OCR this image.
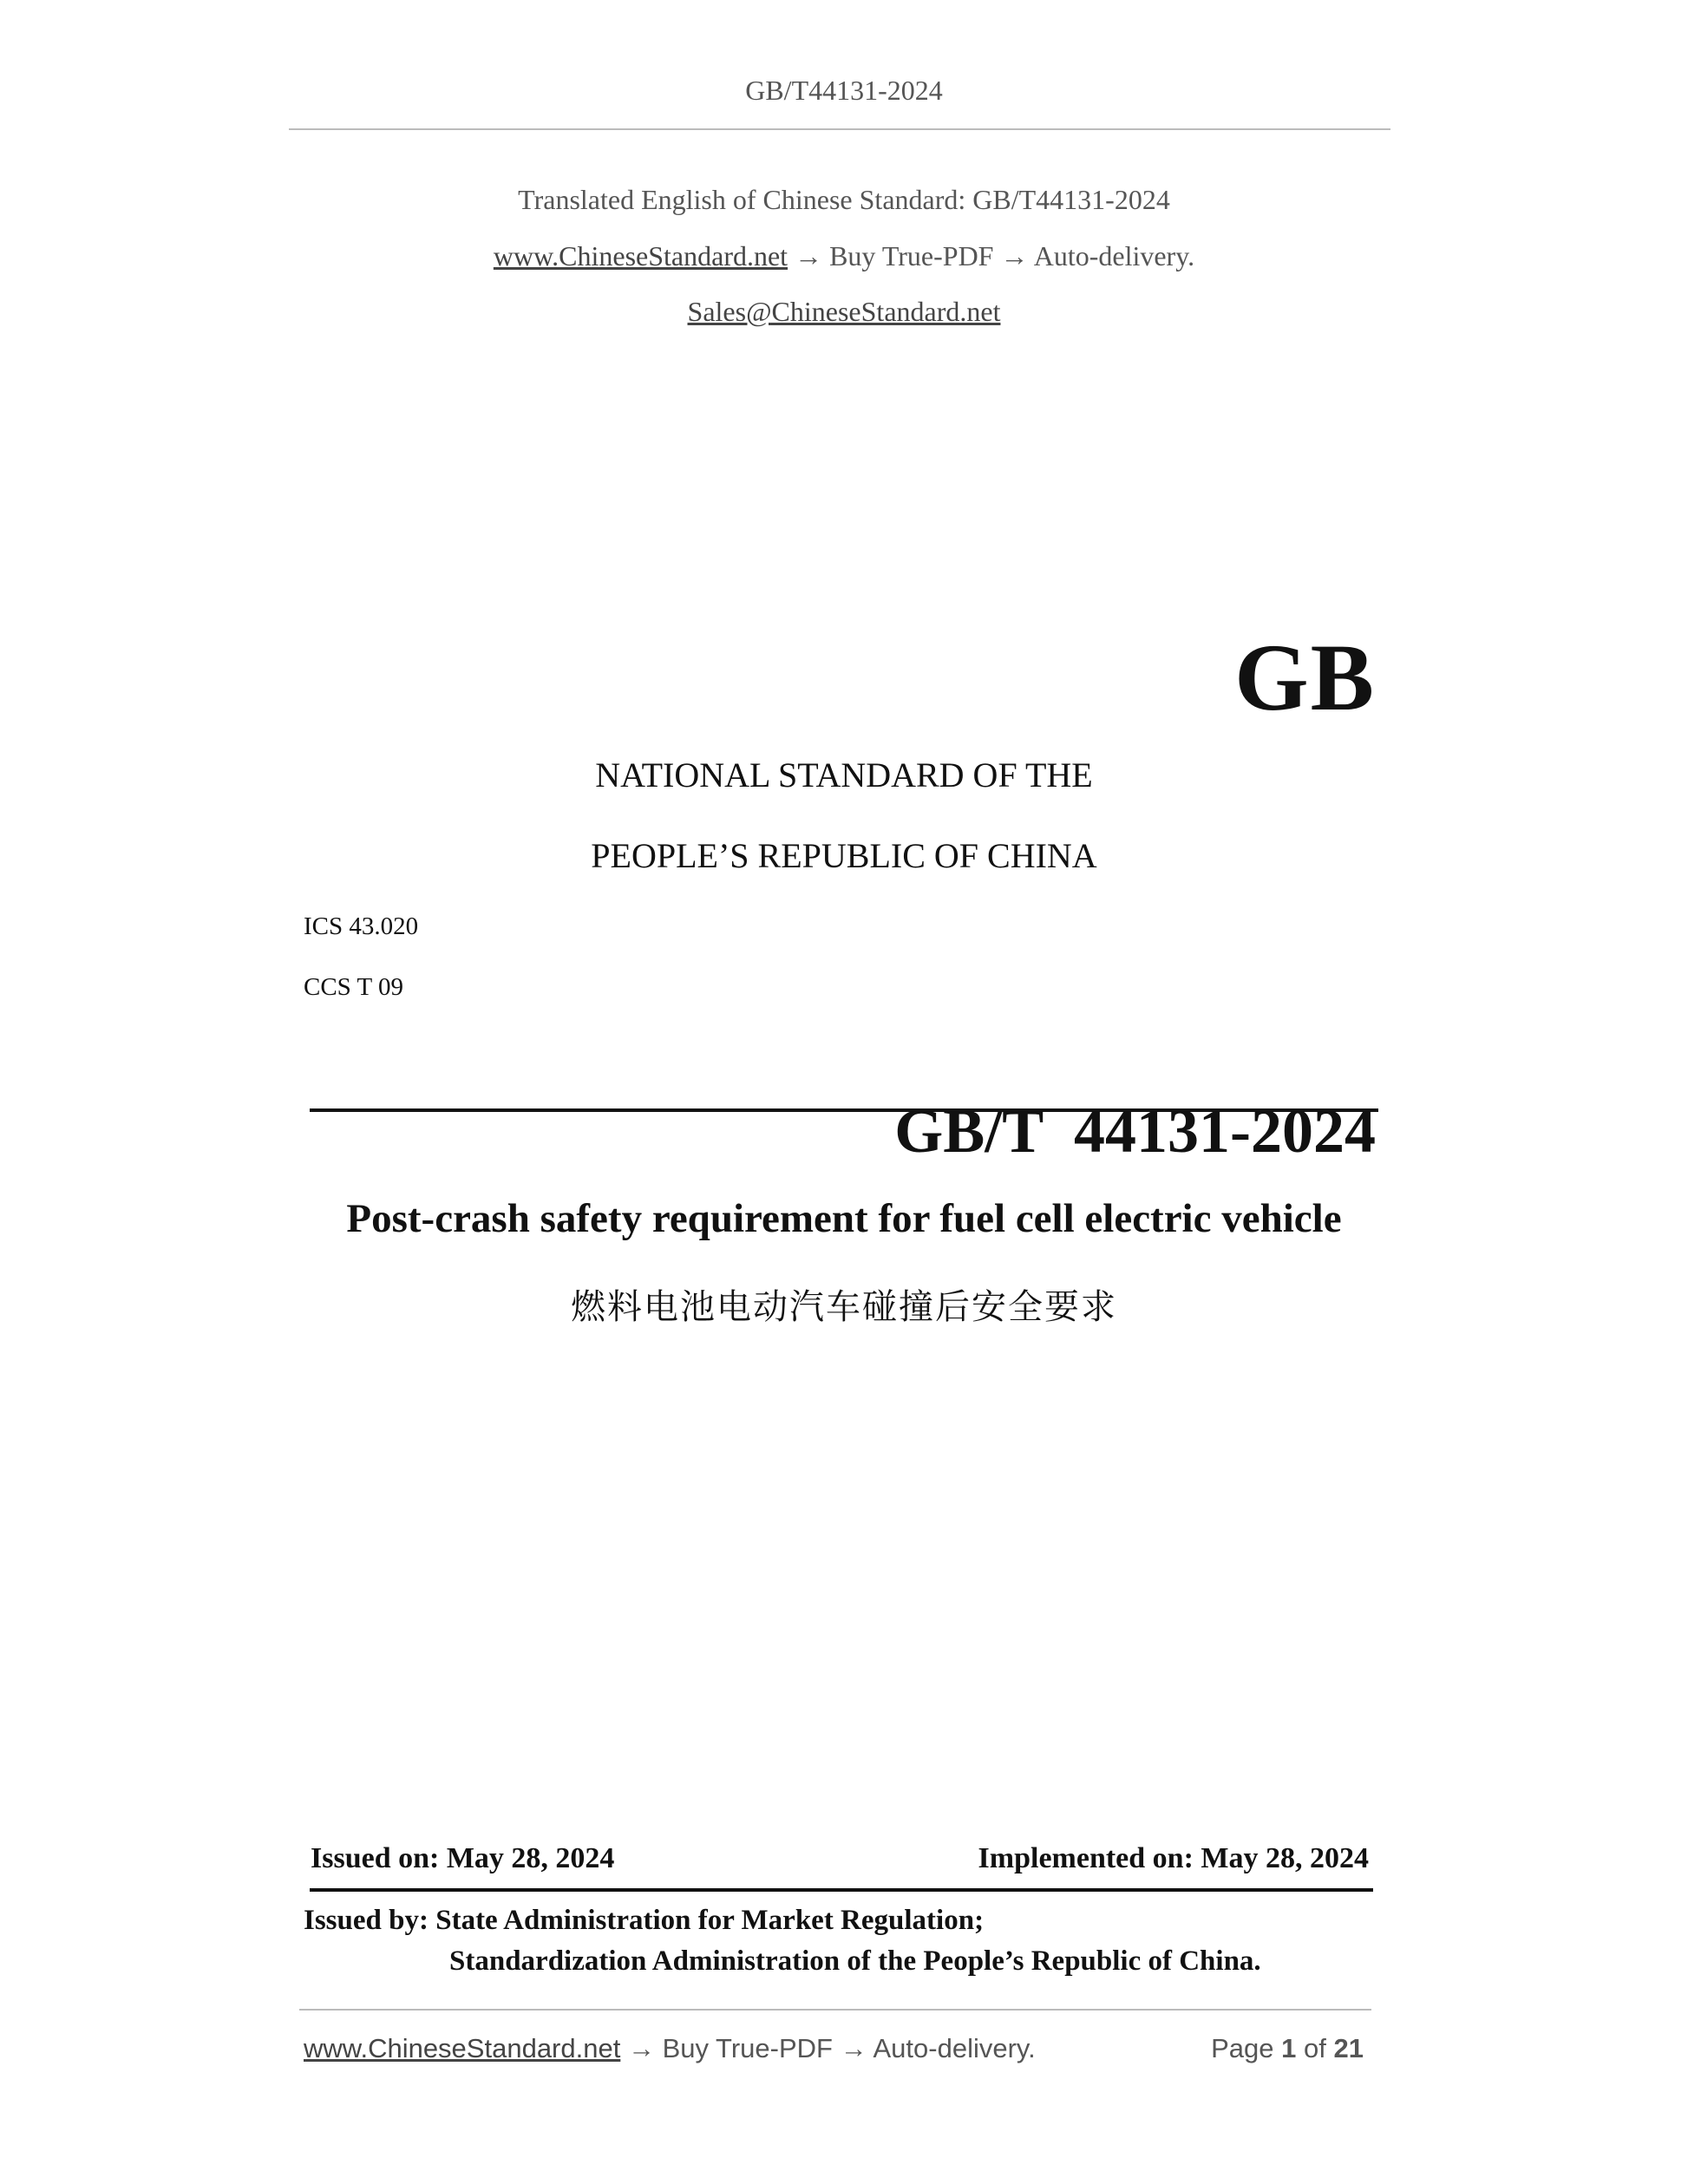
GB/T44131-2024
Translated English of Chinese Standard: GB/T44131-2024
www.ChineseStandard.net → Buy True-PDF → Auto-delivery.
Sales@ChineseStandard.net
GB
NATIONAL STANDARD OF THE
PEOPLE’S REPUBLIC OF CHINA
ICS 43.020
CCS T 09

GB/T 44131-2024

Post-crash safety requirement for fuel cell electric vehicle
燃料电池电动汽车碰撞后安全要求
Issued on: May 28, 2024	Implemented on: May 28, 2024
Issued by: State Administration for Market Regulation;
Standardization Administration of the People’s Republic of China.
www.ChineseStandard.net → Buy True-PDF → Auto-delivery.	Page 1 of 21
